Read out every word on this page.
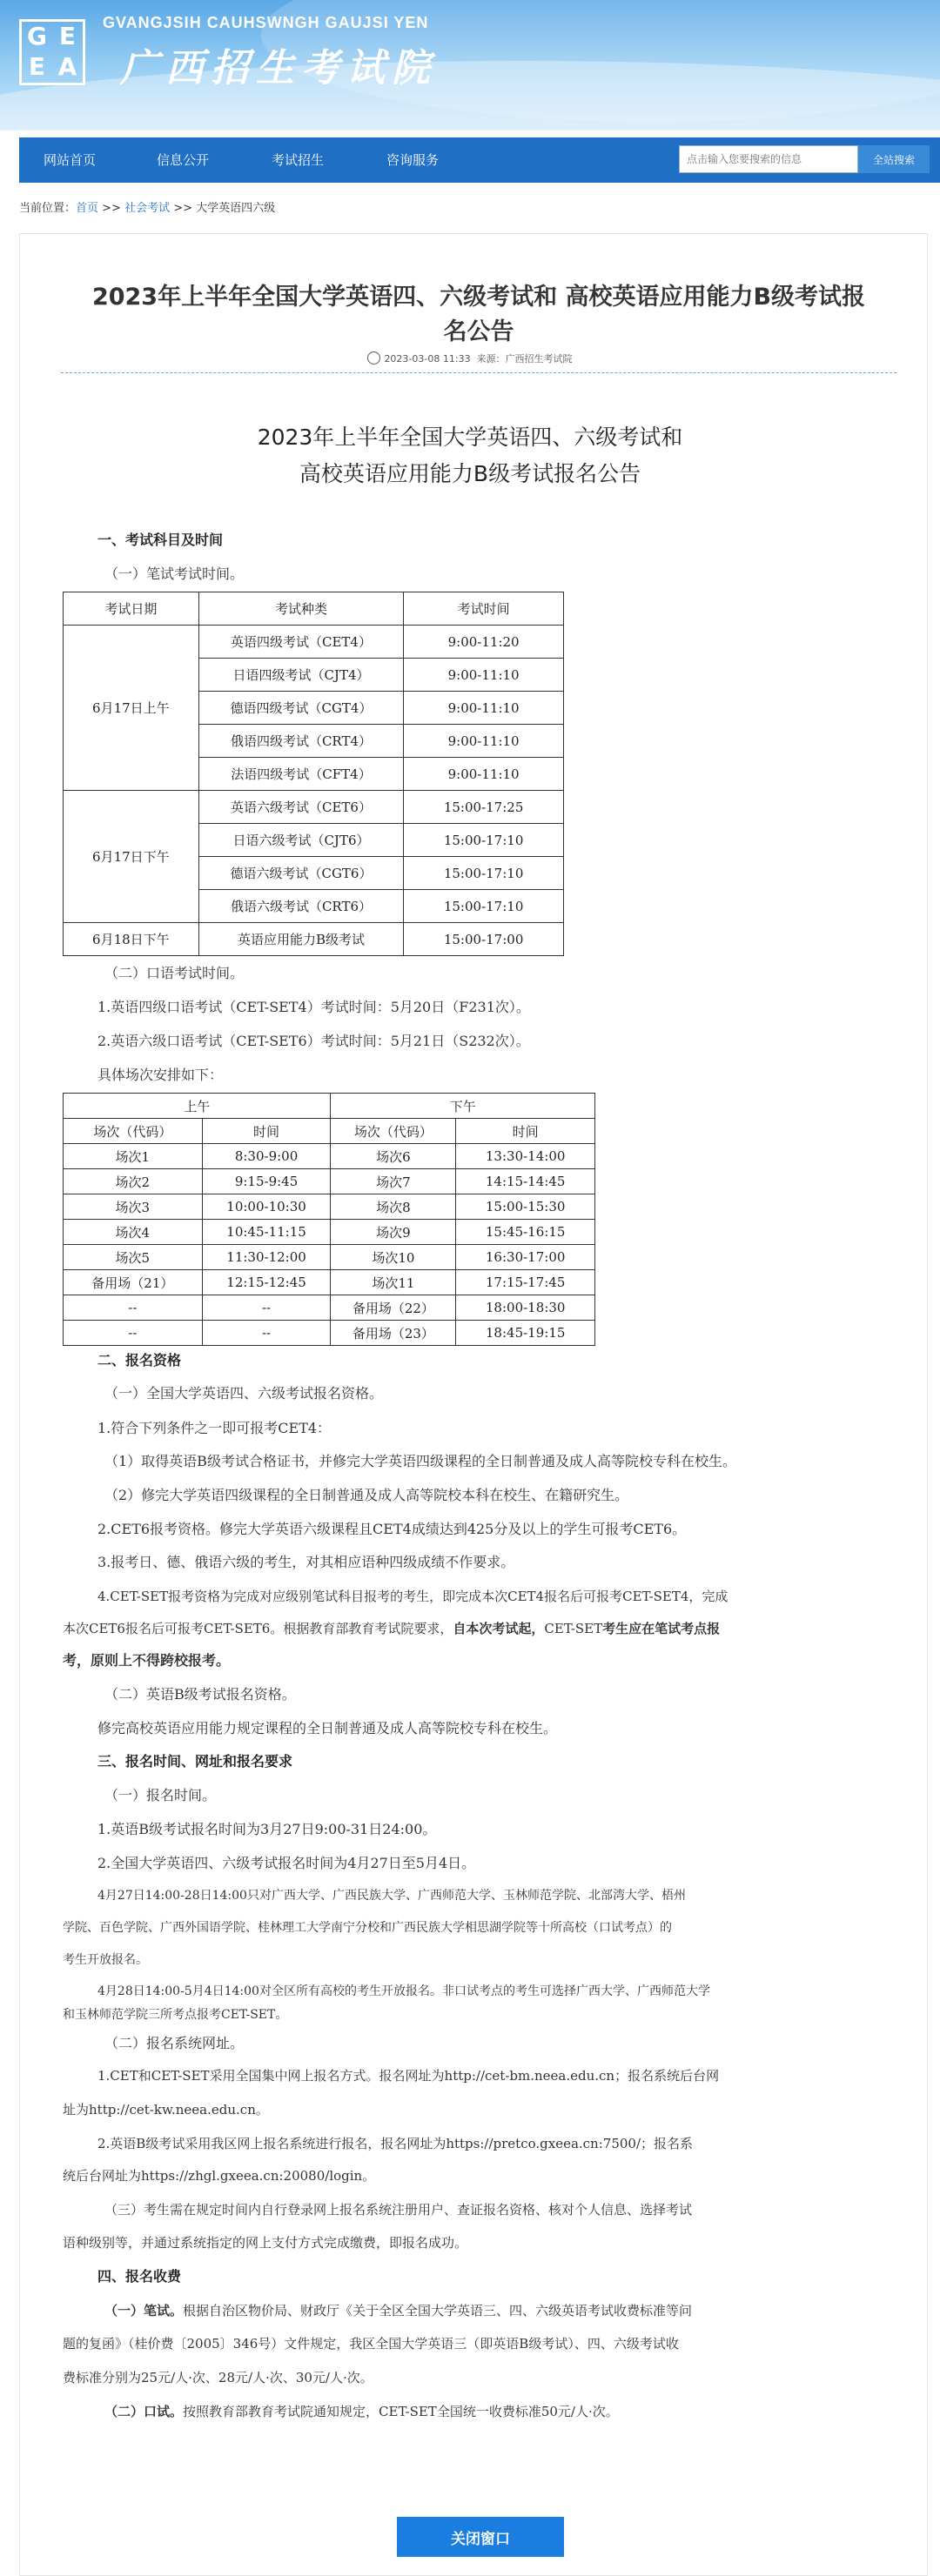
G E
E A
GVANGJSIH CAUHSWNGH GAUJSI YEN
广西招生考试院
网站首页	信息公开	考试招生	咨询服务
点击输入您要搜索的信息	全站搜索
当前位置：首页 >> 社会考试 >> 大学英语四六级
2023年上半年全国大学英语四、六级考试和 高校英语应用能力B级考试报
名公告
2023-03-08 11:33 来源：广西招生考试院
2023年上半年全国大学英语四、六级考试和
高校英语应用能力B级考试报名公告
一、考试科目及时间
（一）笔试考试时间。
考试日期	考试种类	考试时间
6月17日上午	英语四级考试（CET4）	9:00-11:20
	日语四级考试（CJT4）	9:00-11:10
	德语四级考试（CGT4）	9:00-11:10
	俄语四级考试（CRT4）	9:00-11:10
	法语四级考试（CFT4）	9:00-11:10
6月17日下午	英语六级考试（CET6）	15:00-17:25
	日语六级考试（CJT6）	15:00-17:10
	德语六级考试（CGT6）	15:00-17:10
	俄语六级考试（CRT6）	15:00-17:10
6月18日下午	英语应用能力B级考试	15:00-17:00
（二）口语考试时间。
1.英语四级口语考试（CET-SET4）考试时间：5月20日（F231次）。
2.英语六级口语考试（CET-SET6）考试时间：5月21日（S232次）。
具体场次安排如下：
上午		下午	
场次（代码）	时间	场次（代码）	时间
场次1	8:30-9:00	场次6	13:30-14:00
场次2	9:15-9:45	场次7	14:15-14:45
场次3	10:00-10:30	场次8	15:00-15:30
场次4	10:45-11:15	场次9	15:45-16:15
场次5	11:30-12:00	场次10	16:30-17:00
备用场（21）	12:15-12:45	场次11	17:15-17:45
--	--	备用场（22）	18:00-18:30
--	--	备用场（23）	18:45-19:15
二、报名资格
（一）全国大学英语四、六级考试报名资格。
1.符合下列条件之一即可报考CET4：
（1）取得英语B级考试合格证书，并修完大学英语四级课程的全日制普通及成人高等院校专科在校生。
（2）修完大学英语四级课程的全日制普通及成人高等院校本科在校生、在籍研究生。
2.CET6报考资格。修完大学英语六级课程且CET4成绩达到425分及以上的学生可报考CET6。
3.报考日、德、俄语六级的考生，对其相应语种四级成绩不作要求。
4.CET-SET报考资格为完成对应级别笔试科目报考的考生，即完成本次CET4报名后可报考CET-SET4，完成
本次CET6报名后可报考CET-SET6。根据教育部教育考试院要求，自本次考试起，CET-SET考生应在笔试考点报
考，原则上不得跨校报考。
（二）英语B级考试报名资格。
修完高校英语应用能力规定课程的全日制普通及成人高等院校专科在校生。
三、报名时间、网址和报名要求
（一）报名时间。
1.英语B级考试报名时间为3月27日9:00-31日24:00。
2.全国大学英语四、六级考试报名时间为4月27日至5月4日。
4月27日14:00-28日14:00只对广西大学、广西民族大学、广西师范大学、玉林师范学院、北部湾大学、梧州
学院、百色学院、广西外国语学院、桂林理工大学南宁分校和广西民族大学相思湖学院等十所高校（口试考点）的
考生开放报名。
4月28日14:00-5月4日14:00对全区所有高校的考生开放报名。非口试考点的考生可选择广西大学、广西师范大学
和玉林师范学院三所考点报考CET-SET。
（二）报名系统网址。
1.CET和CET-SET采用全国集中网上报名方式。报名网址为http://cet-bm.neea.edu.cn；报名系统后台网
址为http://cet-kw.neea.edu.cn。
2.英语B级考试采用我区网上报名系统进行报名，报名网址为https://pretco.gxeea.cn:7500/；报名系
统后台网址为https://zhgl.gxeea.cn:20080/login。
（三）考生需在规定时间内自行登录网上报名系统注册用户、查证报名资格、核对个人信息、选择考试
语种级别等，并通过系统指定的网上支付方式完成缴费，即报名成功。
四、报名收费
（一）笔试。根据自治区物价局、财政厅《关于全区全国大学英语三、四、六级英语考试收费标准等问
题的复函》（桂价费〔2005〕346号）文件规定，我区全国大学英语三（即英语B级考试）、四、六级考试收
费标准分别为25元/人·次、28元/人·次、30元/人·次。
（二）口试。按照教育部教育考试院通知规定，CET-SET全国统一收费标准50元/人·次。
关闭窗口
